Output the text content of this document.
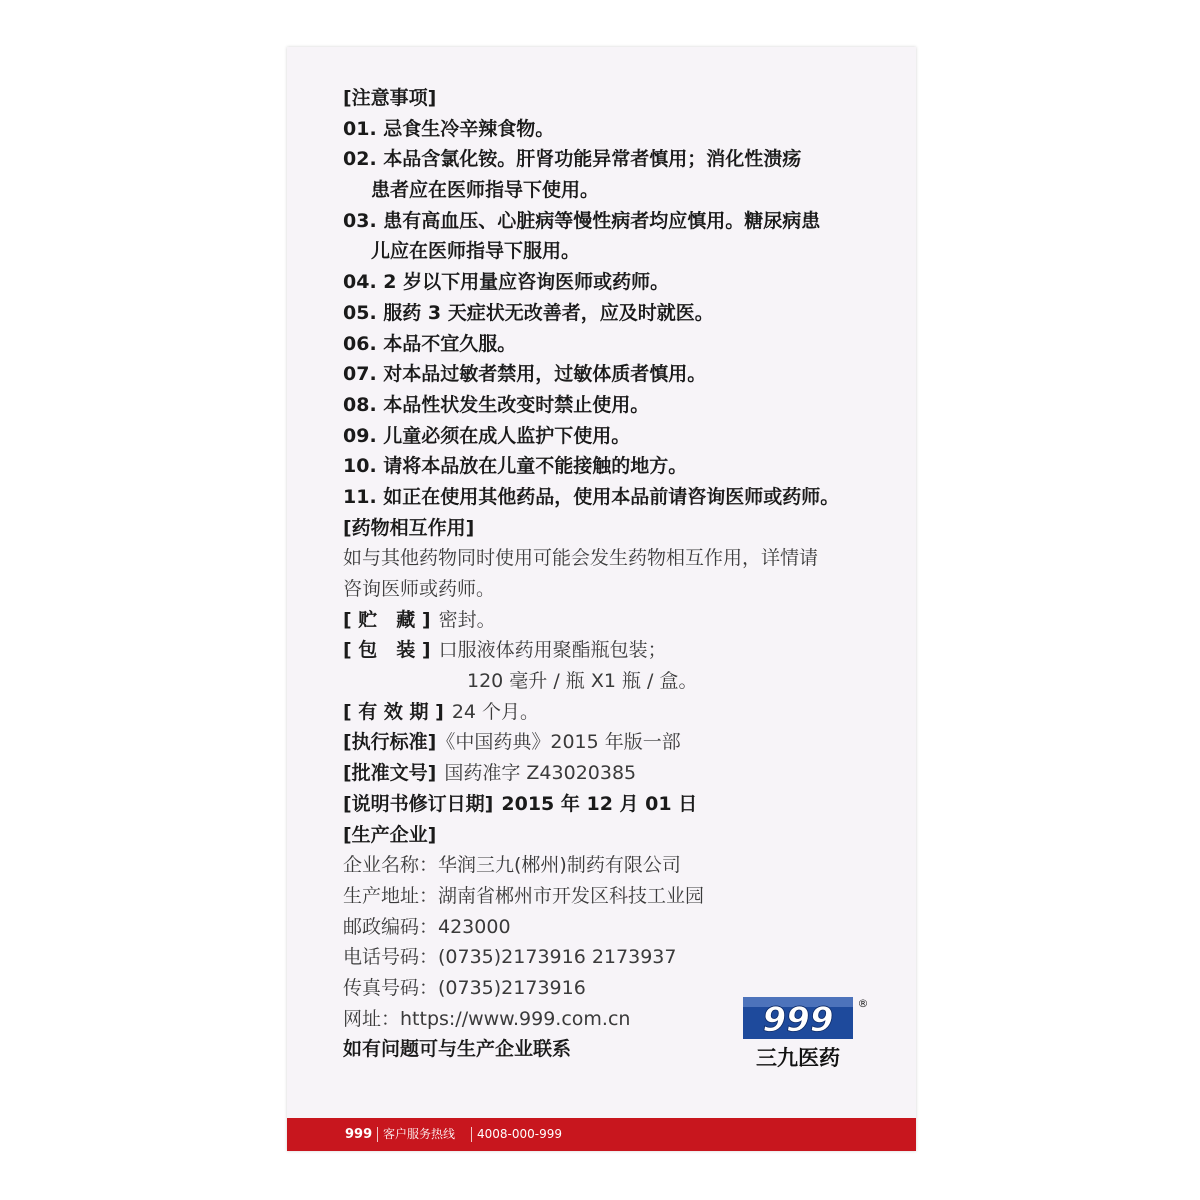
[注意事项]
01. 忌食生冷辛辣食物。
02. 本品含氯化铵。肝肾功能异常者慎用；消化性溃疡
患者应在医师指导下使用。
03. 患有高血压、心脏病等慢性病者均应慎用。糖尿病患
儿应在医师指导下服用。
04. 2 岁以下用量应咨询医师或药师。
05. 服药 3 天症状无改善者，应及时就医。
06. 本品不宜久服。
07. 对本品过敏者禁用，过敏体质者慎用。
08. 本品性状发生改变时禁止使用。
09. 儿童必须在成人监护下使用。
10. 请将本品放在儿童不能接触的地方。
11. 如正在使用其他药品，使用本品前请咨询医师或药师。
[药物相互作用]
如与其他药物同时使用可能会发生药物相互作用，详情请
咨询医师或药师。
[ 贮　藏 ] 密封。
[ 包　装 ] 口服液体药用聚酯瓶包装；
120 毫升 / 瓶 X1 瓶 / 盒。
[ 有 效 期 ] 24 个月。
[执行标准]《中国药典》2015 年版一部
[批准文号] 国药准字 Z43020385
[说明书修订日期] 2015 年 12 月 01 日
[生产企业]
企业名称：华润三九(郴州)制药有限公司
生产地址：湖南省郴州市开发区科技工业园
邮政编码：423000
电话号码：(0735)2173916 2173937
传真号码：(0735)2173916
网址：https://www.999.com.cn
如有问题可与生产企业联系
999 ®
三九医药
999 客户服务热线 4008-000-999
